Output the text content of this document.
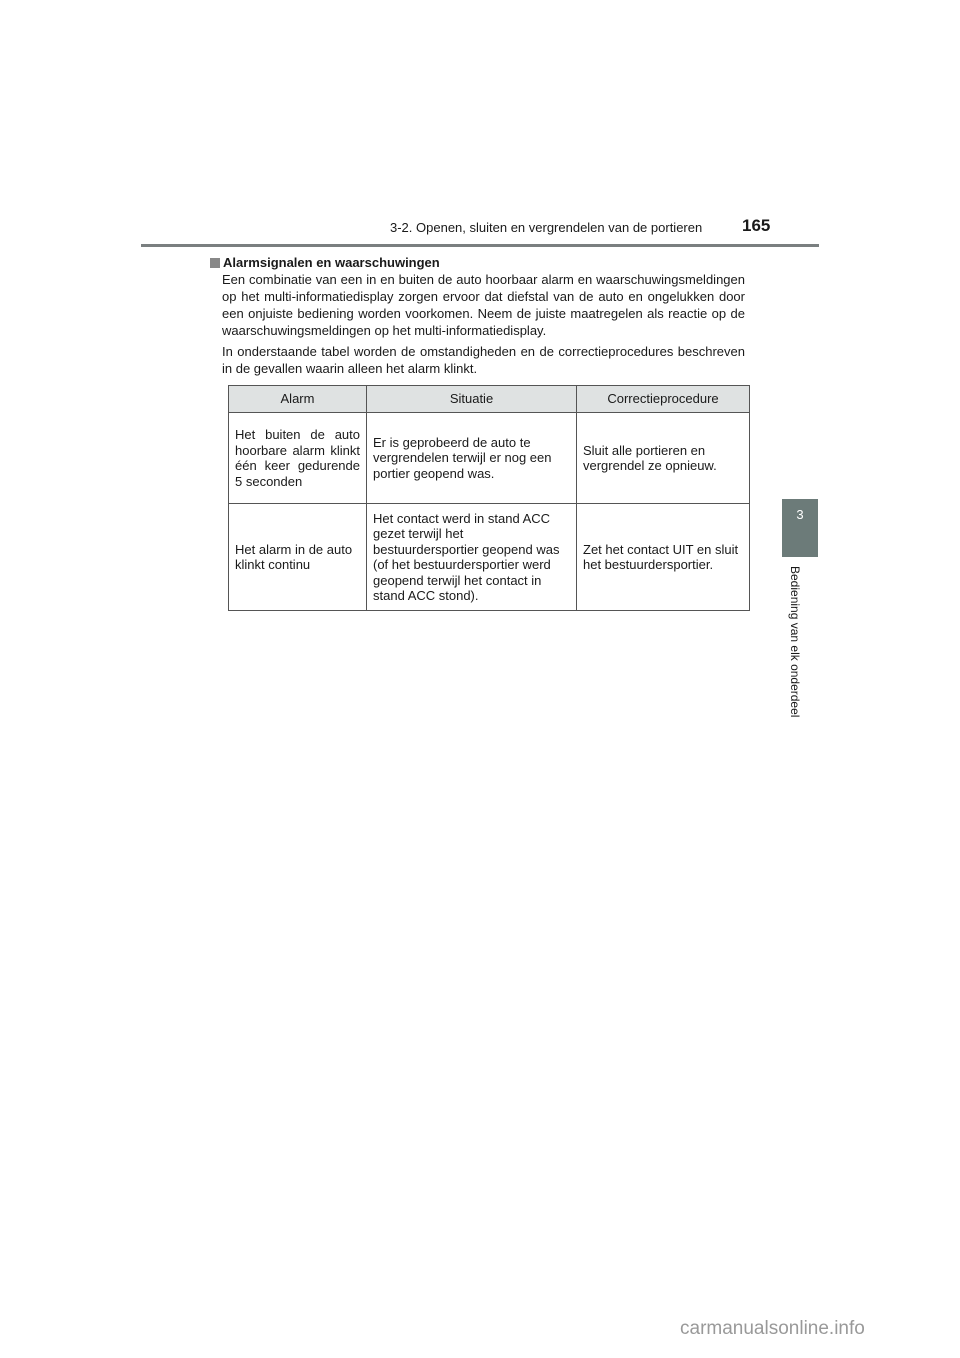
3-2. Openen, sluiten en vergrendelen van de portieren 165
3
Bediening van elk onderdeel
Alarmsignalen en waarschuwingen
Een combinatie van een in en buiten de auto hoorbaar alarm en waarschuwingsmeldingen op het multi-informatiedisplay zorgen ervoor dat diefstal van de auto en ongelukken door een onjuiste bediening worden voorkomen. Neem de juiste maatregelen als reactie op de waarschuwingsmeldingen op het multi-informatiedisplay.
In onderstaande tabel worden de omstandigheden en de correctieprocedures beschreven in de gevallen waarin alleen het alarm klinkt.
Alarm	Situatie	Correctieprocedure
Het buiten de auto hoorbare alarm klinkt één keer gedurende 5 seconden	Er is geprobeerd de auto te vergrendelen terwijl er nog een portier geopend was.	Sluit alle portieren en vergrendel ze opnieuw.
Het alarm in de auto klinkt continu	Het contact werd in stand ACC gezet terwijl het bestuurdersportier geopend was (of het bestuurdersportier werd geopend terwijl het contact in stand ACC stond).	Zet het contact UIT en sluit het bestuurdersportier.
carmanualsonline.info
